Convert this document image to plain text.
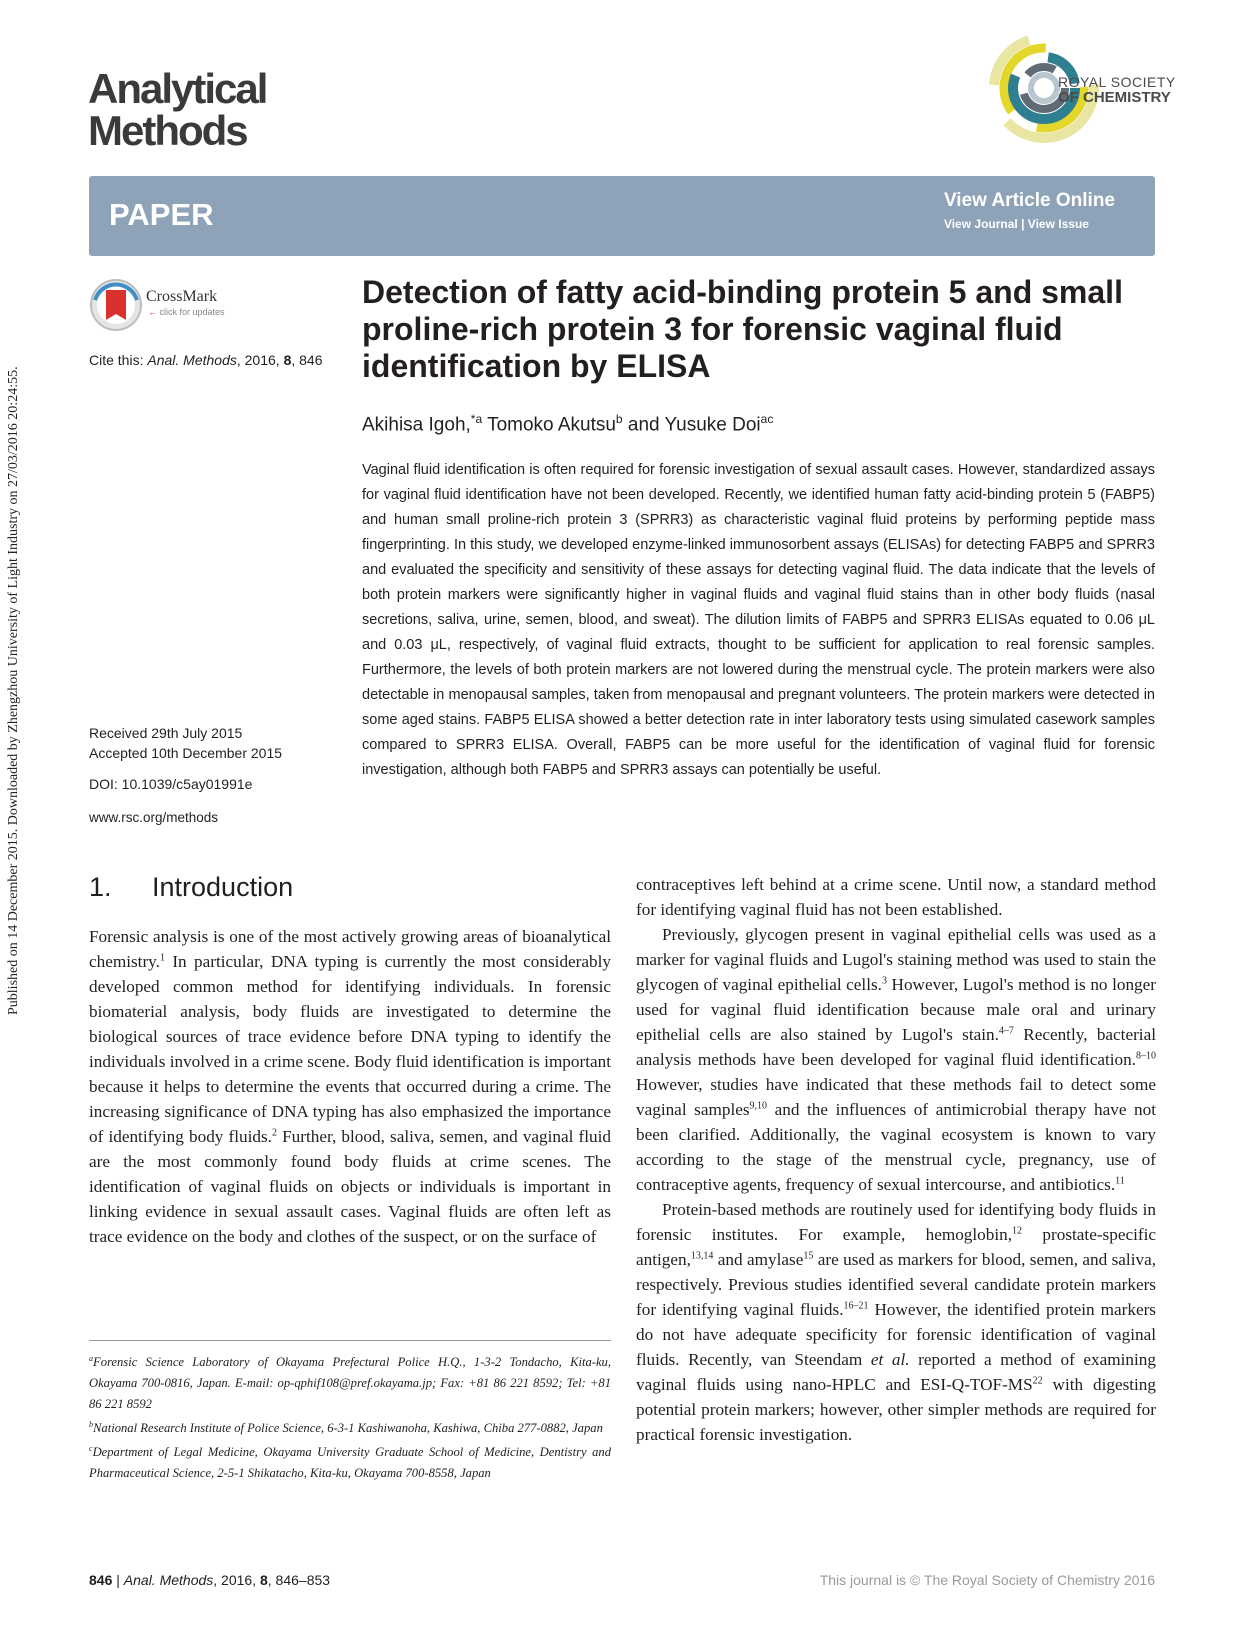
Published on 14 December 2015. Downloaded by Zhengzhou University of Light Industry on 27/03/2016 20:24:55.
Analytical
Methods
ROYAL SOCIETY
OF CHEMISTRY
PAPER	View Article Online
View Journal | View Issue
CrossMark
← click for updates
Cite this: Anal. Methods, 2016, 8, 846
Received 29th July 2015
Accepted 10th December 2015
DOI: 10.1039/c5ay01991e
www.rsc.org/methods
Detection of fatty acid-binding protein 5 and small proline-rich protein 3 for forensic vaginal fluid identification by ELISA
Akihisa Igoh,$^{*a}$ Tomoko Akutsu$^b$ and Yusuke Doi$^{ac}$
Vaginal fluid identification is often required for forensic investigation of sexual assault cases. However, standardized assays for vaginal fluid identification have not been developed. Recently, we identified human fatty acid-binding protein 5 (FABP5) and human small proline-rich protein 3 (SPRR3) as characteristic vaginal fluid proteins by performing peptide mass fingerprinting. In this study, we developed enzyme-linked immunosorbent assays (ELISAs) for detecting FABP5 and SPRR3 and evaluated the specificity and sensitivity of these assays for detecting vaginal fluid. The data indicate that the levels of both protein markers were significantly higher in vaginal fluids and vaginal fluid stains than in other body fluids (nasal secretions, saliva, urine, semen, blood, and sweat). The dilution limits of FABP5 and SPRR3 ELISAs equated to 0.06 μL and 0.03 μL, respectively, of vaginal fluid extracts, thought to be sufficient for application to real forensic samples. Furthermore, the levels of both protein markers are not lowered during the menstrual cycle. The protein markers were also detectable in menopausal samples, taken from menopausal and pregnant volunteers. The protein markers were detected in some aged stains. FABP5 ELISA showed a better detection rate in inter laboratory tests using simulated casework samples compared to SPRR3 ELISA. Overall, FABP5 can be more useful for the identification of vaginal fluid for forensic investigation, although both FABP5 and SPRR3 assays can potentially be useful.
1.  Introduction

Forensic analysis is one of the most actively growing areas of bioanalytical chemistry.$^1$ In particular, DNA typing is currently the most considerably developed common method for identifying individuals. In forensic biomaterial analysis, body fluids are investigated to determine the biological sources of trace evidence before DNA typing to identify the individuals involved in a crime scene. Body fluid identification is important because it helps to determine the events that occurred during a crime. The increasing significance of DNA typing has also emphasized the importance of identifying body fluids.$^2$ Further, blood, saliva, semen, and vaginal fluid are the most commonly found body fluids at crime scenes. The identification of vaginal fluids on objects or individuals is important in linking evidence in sexual assault cases. Vaginal fluids are often left as trace evidence on the body and clothes of the suspect, or on the surface of

contraceptives left behind at a crime scene. Until now, a standard method for identifying vaginal fluid has not been established.

Previously, glycogen present in vaginal epithelial cells was used as a marker for vaginal fluids and Lugol's staining method was used to stain the glycogen of vaginal epithelial cells.$^3$ However, Lugol's method is no longer used for vaginal fluid identification because male oral and urinary epithelial cells are also stained by Lugol's stain.$^{4-7}$ Recently, bacterial analysis methods have been developed for vaginal fluid identification.$^{8-10}$ However, studies have indicated that these methods fail to detect some vaginal samples$^{9,10}$ and the influences of antimicrobial therapy have not been clarified. Additionally, the vaginal ecosystem is known to vary according to the stage of the menstrual cycle, pregnancy, use of contraceptive agents, frequency of sexual intercourse, and antibiotics.$^{11}$

Protein-based methods are routinely used for identifying body fluids in forensic institutes. For example, hemoglobin,$^{12}$ prostate-specific antigen,$^{13,14}$ and amylase$^{15}$ are used as markers for blood, semen, and saliva, respectively. Previous studies identified several candidate protein markers for identifying vaginal fluids.$^{16-21}$ However, the identified protein markers do not have adequate specificity for forensic identification of vaginal fluids. Recently, van Steendam et al. reported a method of examining vaginal fluids using nano-HPLC and ESI-Q-TOF-MS$^{22}$ with digesting potential protein markers; however, other simpler methods are required for practical forensic investigation.

$^a$Forensic Science Laboratory of Okayama Prefectural Police H.Q., 1-3-2 Tondacho, Kita-ku, Okayama 700-0816, Japan. E-mail: op-qphif108@pref.okayama.jp; Fax: +81 86 221 8592; Tel: +81 86 221 8592

$^b$National Research Institute of Police Science, 6-3-1 Kashiwanoha, Kashiwa, Chiba 277-0882, Japan

$^c$Department of Legal Medicine, Okayama University Graduate School of Medicine, Dentistry and Pharmaceutical Science, 2-5-1 Shikatacho, Kita-ku, Okayama 700-8558, Japan

846 | Anal. Methods, 2016, 8, 846–853	This journal is © The Royal Society of Chemistry 2016
